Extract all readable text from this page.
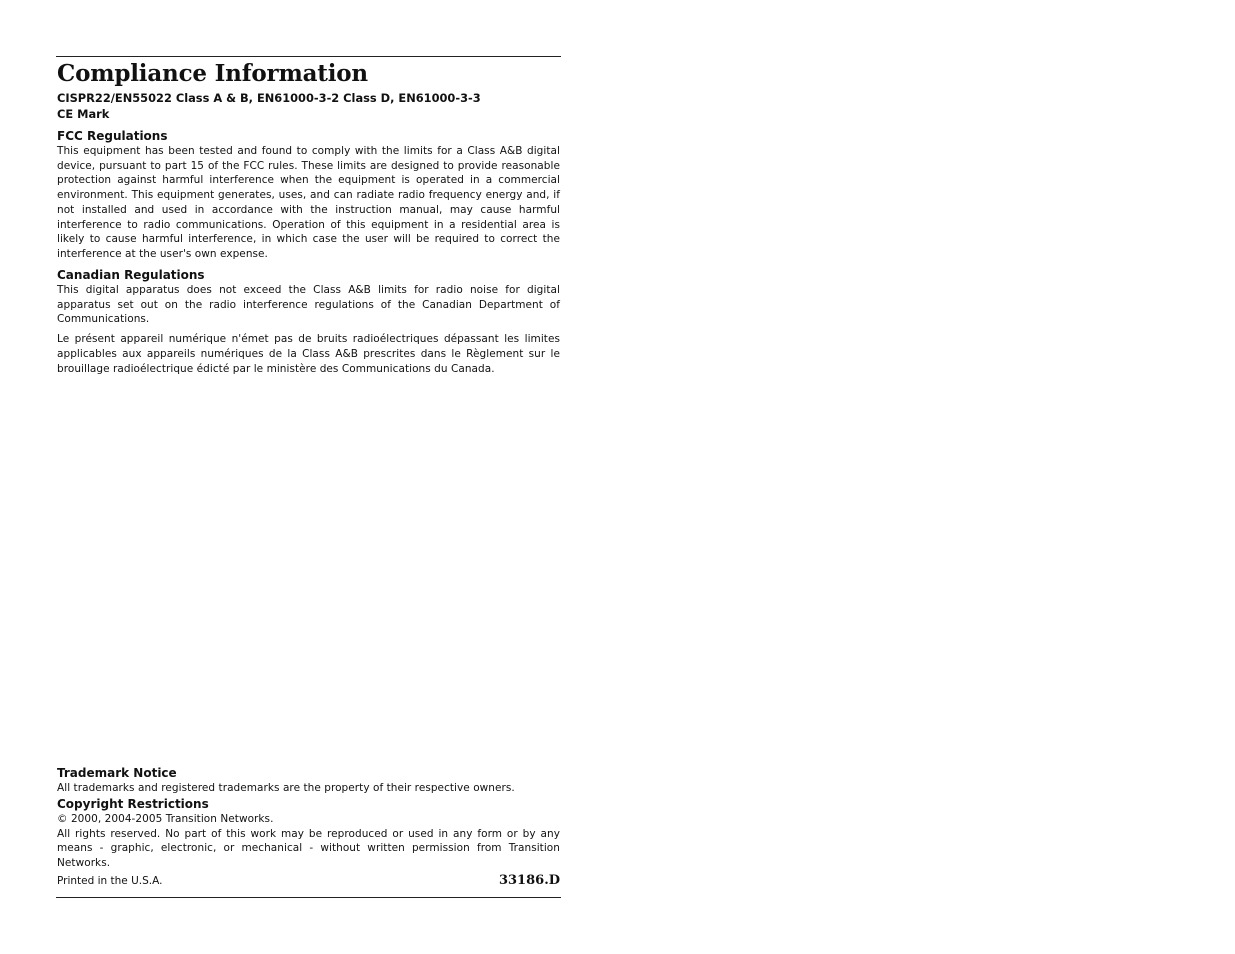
Compliance Information
CISPR22/EN55022 Class A & B, EN61000-3-2 Class D, EN61000-3-3
CE Mark
FCC Regulations

This equipment has been tested and found to comply with the limits for a Class A&B digital device, pursuant to part 15 of the FCC rules. These limits are designed to provide reasonable protection against harmful interference when the equipment is operated in a commercial environment. This equipment generates, uses, and can radiate radio frequency energy and, if not installed and used in accordance with the instruction manual, may cause harmful interference to radio communications. Operation of this equipment in a residential area is likely to cause harmful interference, in which case the user will be required to correct the interference at the user's own expense.

Canadian Regulations

This digital apparatus does not exceed the Class A&B limits for radio noise for digital apparatus set out on the radio interference regulations of the Canadian Department of Communications.

Le présent appareil numérique n'émet pas de bruits radioélectriques dépassant les limites applicables aux appareils numériques de la Class A&B prescrites dans le Règlement sur le brouillage radioélectrique édicté par le ministère des Communications du Canada.

Trademark Notice

All trademarks and registered trademarks are the property of their respective owners.

Copyright Restrictions

© 2000, 2004-2005 Transition Networks.

All rights reserved. No part of this work may be reproduced or used in any form or by any means - graphic, electronic, or mechanical - without written permission from Transition Networks.

Printed in the U.S.A.	33186.D
